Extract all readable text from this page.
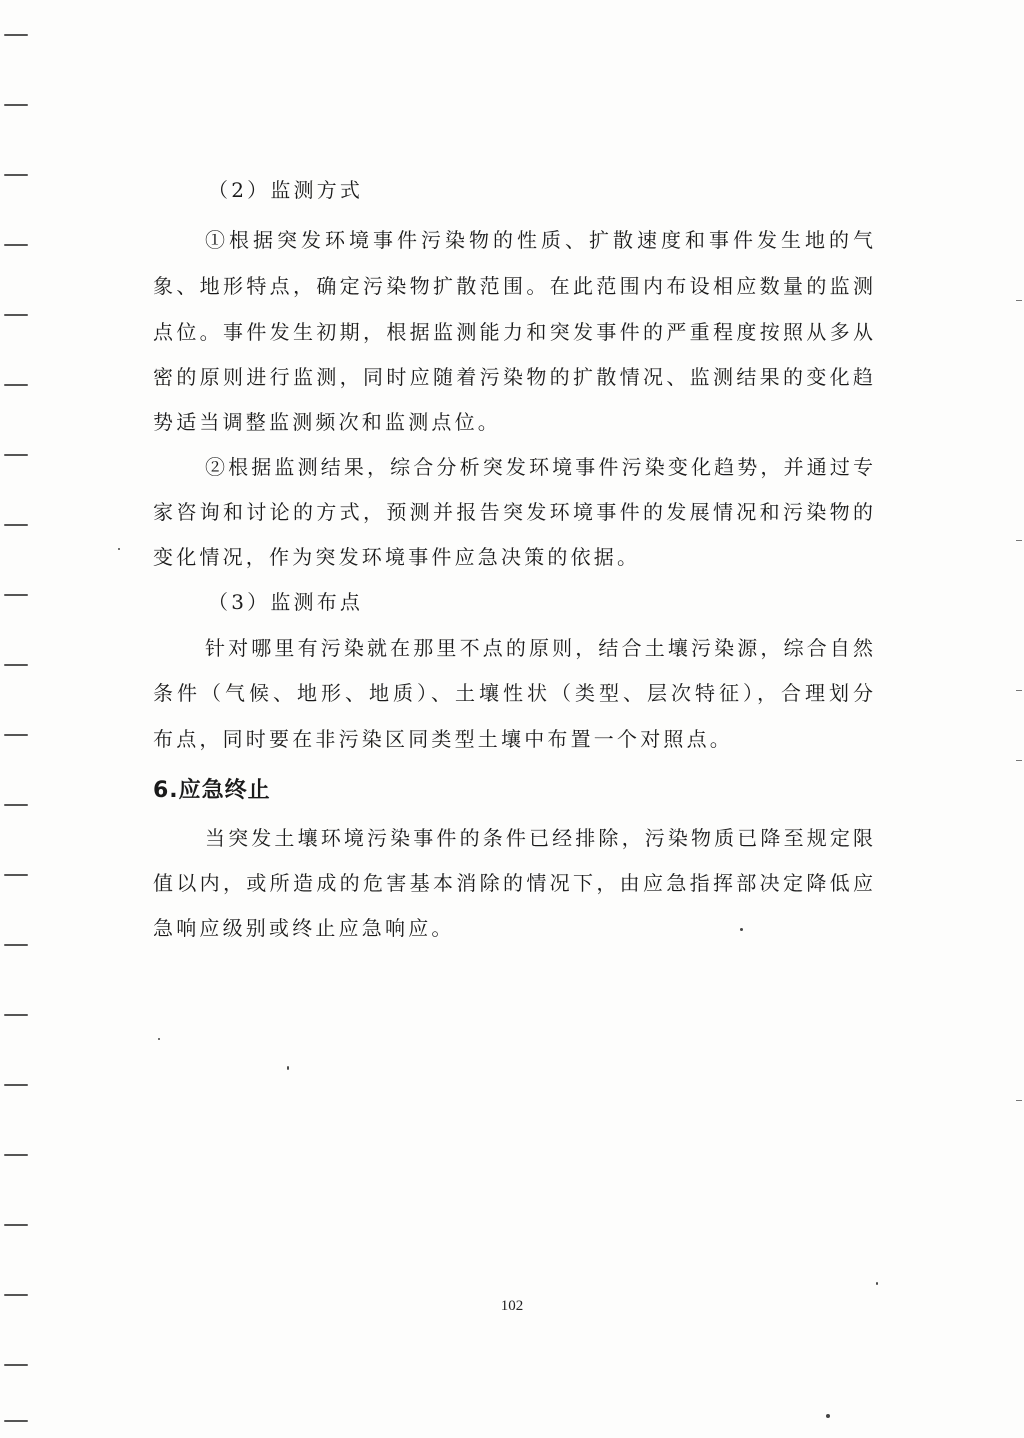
（2）监测方式
①根据突发环境事件污染物的性质、扩散速度和事件发生地的气
象、地形特点，确定污染物扩散范围。在此范围内布设相应数量的监测
点位。事件发生初期，根据监测能力和突发事件的严重程度按照从多从
密的原则进行监测，同时应随着污染物的扩散情况、监测结果的变化趋
势适当调整监测频次和监测点位。
②根据监测结果，综合分析突发环境事件污染变化趋势，并通过专
家咨询和讨论的方式，预测并报告突发环境事件的发展情况和污染物的
变化情况，作为突发环境事件应急决策的依据。
（3）监测布点
针对哪里有污染就在那里不点的原则，结合土壤污染源，综合自然
条件（气候、地形、地质）、土壤性状（类型、层次特征），合理划分
布点，同时要在非污染区同类型土壤中布置一个对照点。
6.应急终止
当突发土壤环境污染事件的条件已经排除，污染物质已降至规定限
值以内，或所造成的危害基本消除的情况下，由应急指挥部决定降低应
急响应级别或终止应急响应。
102
